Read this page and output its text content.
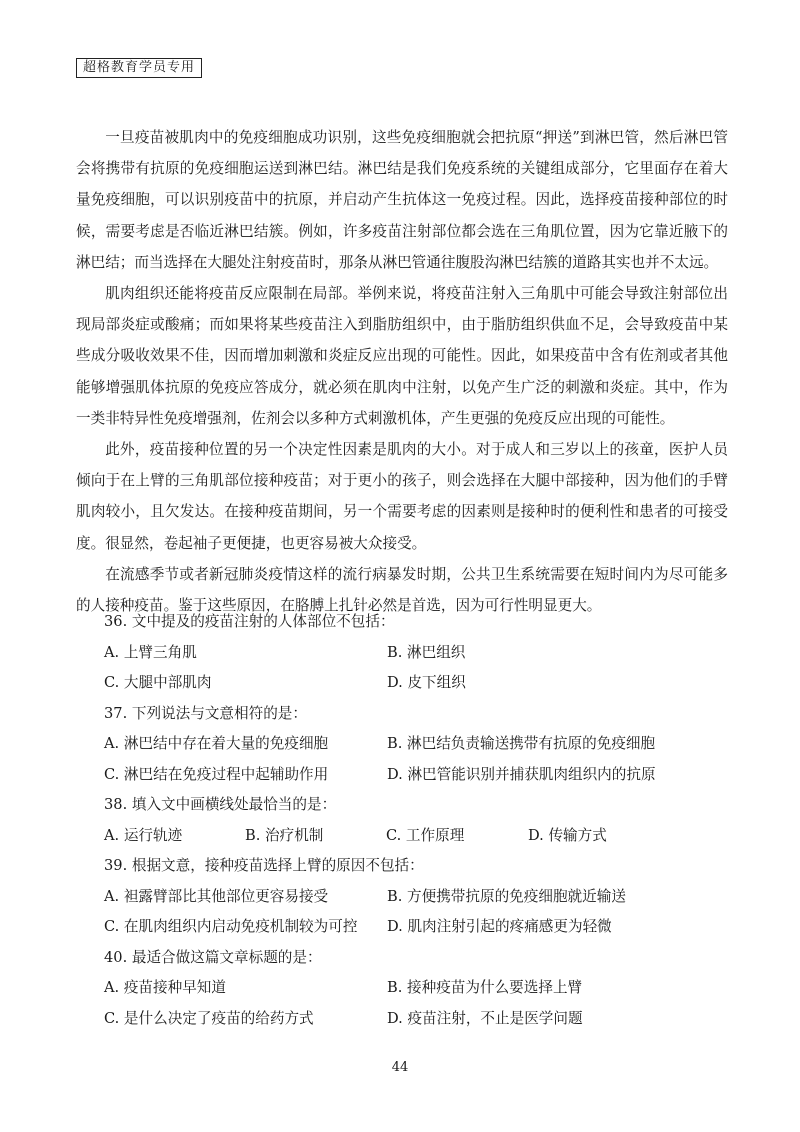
超格教育学员专用

一旦疫苗被肌肉中的免疫细胞成功识别，这些免疫细胞就会把抗原“押送”到淋巴管，然后淋巴管会将携带有抗原的免疫细胞运送到淋巴结。淋巴结是我们免疫系统的关键组成部分，它里面存在着大量免疫细胞，可以识别疫苗中的抗原，并启动产生抗体这一免疫过程。因此，选择疫苗接种部位的时候，需要考虑是否临近淋巴结簇。例如，许多疫苗注射部位都会选在三角肌位置，因为它靠近腋下的淋巴结；而当选择在大腿处注射疫苗时，那条从淋巴管通往腹股沟淋巴结簇的道路其实也并不太远。

肌肉组织还能将疫苗反应限制在局部。举例来说，将疫苗注射入三角肌中可能会导致注射部位出现局部炎症或酸痛；而如果将某些疫苗注入到脂肪组织中，由于脂肪组织供血不足，会导致疫苗中某些成分吸收效果不佳，因而增加刺激和炎症反应出现的可能性。因此，如果疫苗中含有佐剂或者其他能够增强肌体抗原的免疫应答成分，就必须在肌肉中注射，以免产生广泛的刺激和炎症。其中，作为一类非特异性免疫增强剂，佐剂会以多种方式刺激机体，产生更强的免疫反应出现的可能性。

此外，疫苗接种位置的另一个决定性因素是肌肉的大小。对于成人和三岁以上的孩童，医护人员倾向于在上臂的三角肌部位接种疫苗；对于更小的孩子，则会选择在大腿中部接种，因为他们的手臂肌肉较小，且欠发达。在接种疫苗期间，另一个需要考虑的因素则是接种时的便利性和患者的可接受度。很显然，卷起袖子更便捷，也更容易被大众接受。

在流感季节或者新冠肺炎疫情这样的流行病暴发时期，公共卫生系统需要在短时间内为尽可能多的人接种疫苗。鉴于这些原因，在胳膊上扎针必然是首选，因为可行性明显更大。

36. 文中提及的疫苗注射的人体部位不包括：
A. 上臂三角肌	B. 淋巴组织
C. 大腿中部肌肉	D. 皮下组织
37. 下列说法与文意相符的是：
A. 淋巴结中存在着大量的免疫细胞	B. 淋巴结负责输送携带有抗原的免疫细胞
C. 淋巴结在免疫过程中起辅助作用	D. 淋巴管能识别并捕获肌肉组织内的抗原
38. 填入文中画横线处最恰当的是：
A. 运行轨迹	B. 治疗机制	C. 工作原理	D. 传输方式
39. 根据文意，接种疫苗选择上臂的原因不包括：
A. 袒露臂部比其他部位更容易接受	B. 方便携带抗原的免疫细胞就近输送
C. 在肌肉组织内启动免疫机制较为可控 D. 肌肉注射引起的疼痛感更为轻微
40. 最适合做这篇文章标题的是：
A. 疫苗接种早知道	B. 接种疫苗为什么要选择上臂
C. 是什么决定了疫苗的给药方式	D. 疫苗注射，不止是医学问题
44
